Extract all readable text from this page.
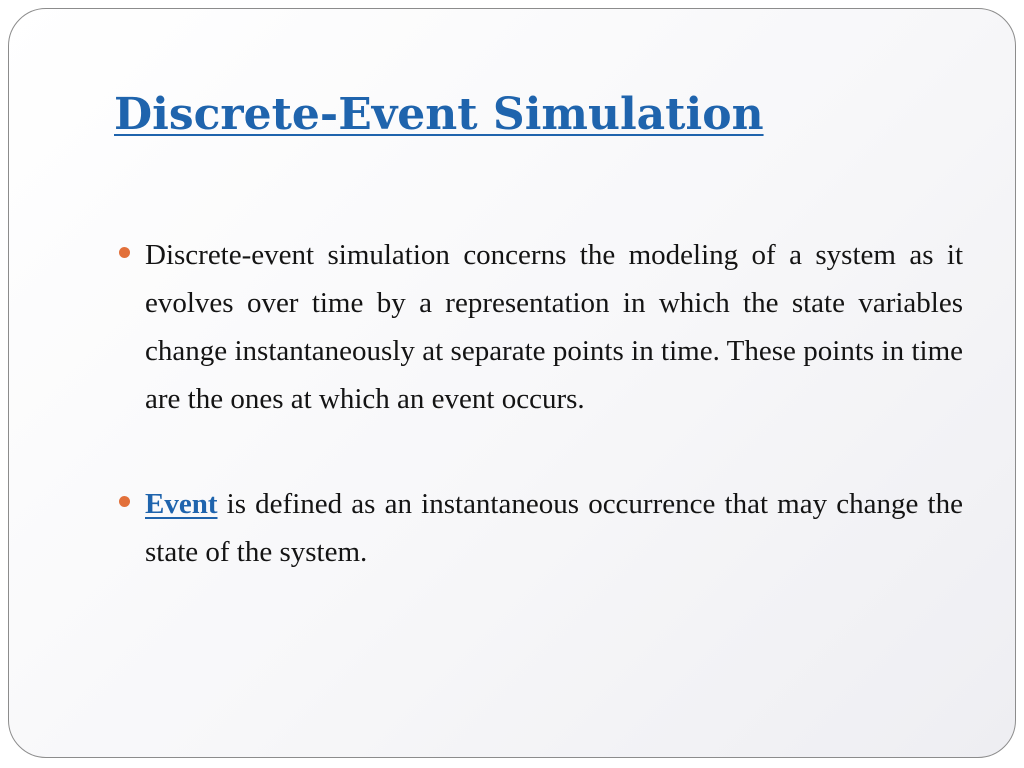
Discrete-Event Simulation

Discrete-event simulation concerns the modeling of a system as it evolves over time by a representation in which the state variables change instantaneously at separate points in time. These points in time are the ones at which an event occurs.

Event is defined as an instantaneous occurrence that may change the state of the system.
